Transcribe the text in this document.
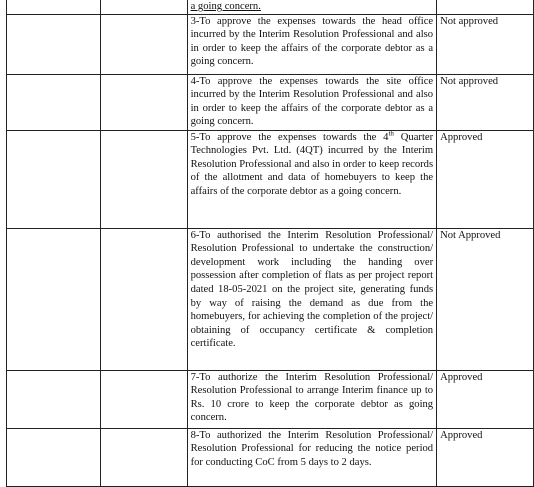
		a going concern.	
		3-To approve the expenses towards the head office incurred by the Interim Resolution Professional and also in order to keep the affairs of the corporate debtor as a going concern.	Not approved
		4-To approve the expenses towards the site office incurred by the Interim Resolution Professional and also in order to keep the affairs of the corporate debtor as a going concern.	Not approved
		5-To approve the expenses towards the 4th Quarter Technologies Pvt. Ltd. (4QT) incurred by the Interim Resolution Professional and also in order to keep records of the allotment and data of homebuyers to keep the affairs of the corporate debtor as a going concern.	Approved
		6-To authorised the Interim Resolution Professional/ Resolution Professional to undertake the construction/ development work including the handing over possession after completion of flats as per project report dated 18-05-2021 on the project site, generating funds by way of raising the demand as due from the homebuyers, for achieving the completion of the project/ obtaining of occupancy certificate & completion certificate.	Not Approved
		7-To authorize the Interim Resolution Professional/ Resolution Professional to arrange Interim finance up to Rs. 10 crore to keep the corporate debtor as going concern.	Approved
		8-To authorized the Interim Resolution Professional/ Resolution Professional for reducing the notice period for conducting CoC from 5 days to 2 days.	Approved
